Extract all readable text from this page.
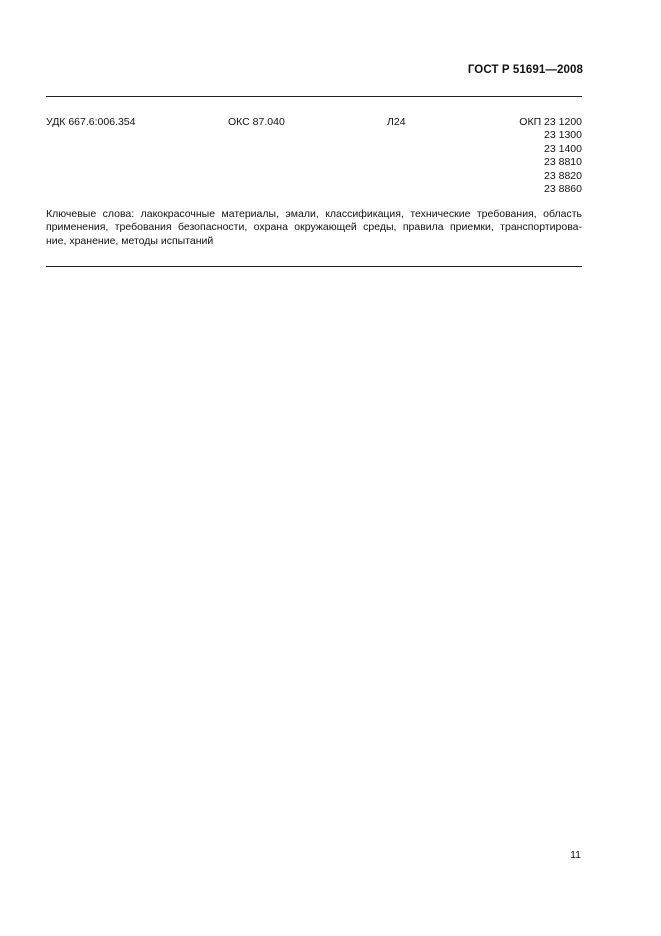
ГОСТ Р 51691—2008
УДК 667.6:006.354	ОКС 87.040	Л24	ОКП 23 1200
23 1300
23 1400
23 8810
23 8820
23 8860
Ключевые слова: лакокрасочные материалы, эмали, классификация, технические требования, область
применения, требования безопасности, охрана окружающей среды, правила приемки, транспортирова-
ние, хранение, методы испытаний
11
